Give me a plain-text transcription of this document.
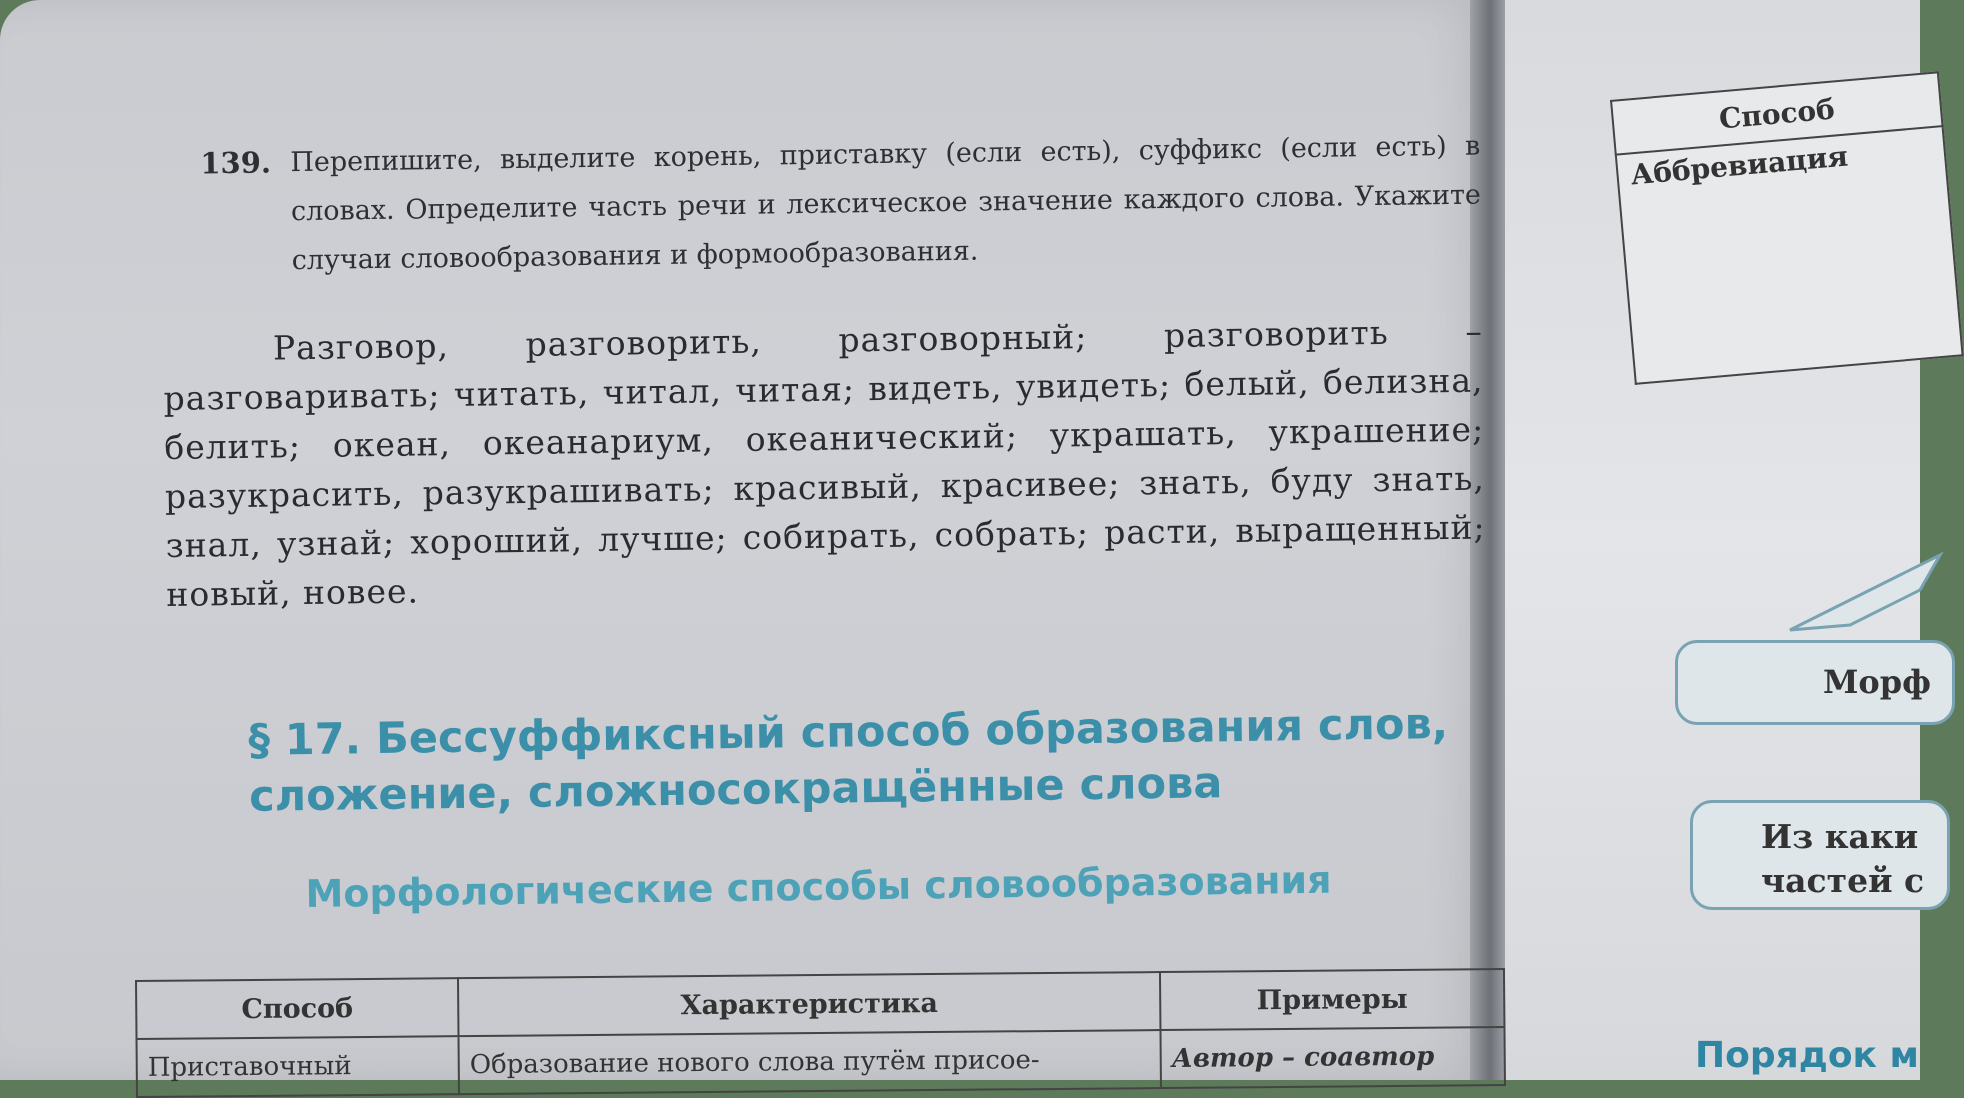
139. Перепишите, выделите корень, приставку (если есть), суффикс (если есть) в словах. Определите часть речи и лексическое значение каждого слова. Укажите случаи словообразования и формообразования.
Разговор, разговорить, разговорный; разговорить – разговаривать; читать, читал, читая; видеть, увидеть; белый, белизна, белить; океан, океанариум, океанический; украшать, украшение; разукрасить, разукрашивать; красивый, красивее; знать, буду знать, знал, узнай; хороший, лучше; собирать, собрать; расти, выращенный; новый, новее.
§ 17. Бессуффиксный способ образования слов, сложение, сложносокращённые слова
Морфологические способы словообразования
Способ	Характеристика	Примеры
Приставочный	Образование нового слова путём присое-	Автор – соавтор
Способ
Аббревиация
Морф
Из каки
частей с
Порядок м
